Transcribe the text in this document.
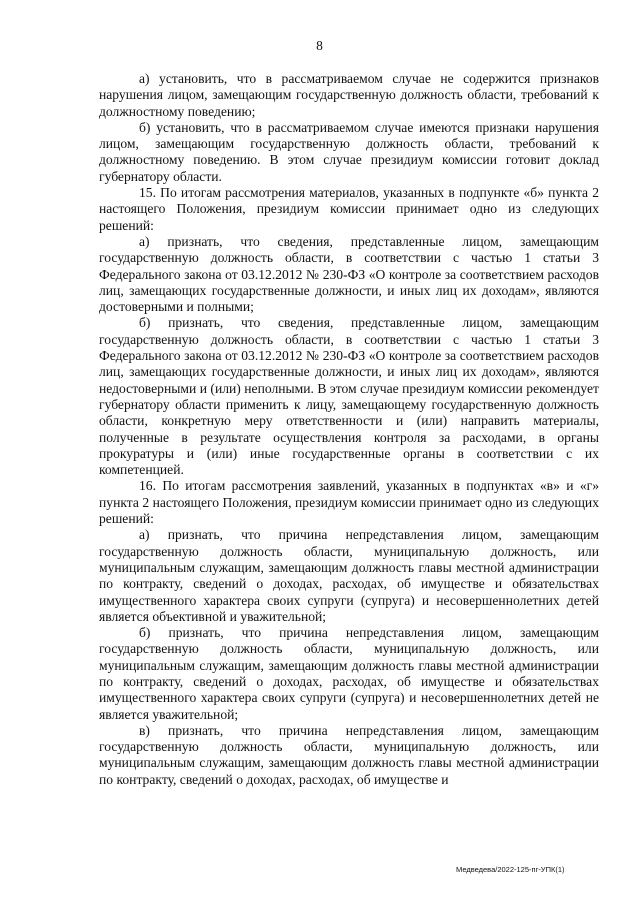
8

а) установить, что в рассматриваемом случае не содержится признаков нарушения лицом, замещающим государственную должность области, требований к должностному поведению;

б) установить, что в рассматриваемом случае имеются признаки нарушения лицом, замещающим государственную должность области, требований к должностному поведению. В этом случае президиум комиссии готовит доклад губернатору области.

15. По итогам рассмотрения материалов, указанных в подпункте «б» пункта 2 настоящего Положения, президиум комиссии принимает одно из следующих решений:

а) признать, что сведения, представленные лицом, замещающим государственную должность области, в соответствии с частью 1 статьи 3 Федерального закона от 03.12.2012 № 230-ФЗ «О контроле за соответствием расходов лиц, замещающих государственные должности, и иных лиц их доходам», являются достоверными и полными;

б) признать, что сведения, представленные лицом, замещающим государственную должность области, в соответствии с частью 1 статьи 3 Федерального закона от 03.12.2012 № 230-ФЗ «О контроле за соответствием расходов лиц, замещающих государственные должности, и иных лиц их доходам», являются недостоверными и (или) неполными. В этом случае президиум комиссии рекомендует губернатору области применить к лицу, замещающему государственную должность области, конкретную меру ответственности и (или) направить материалы, полученные в результате осуществления контроля за расходами, в органы прокуратуры и (или) иные государственные органы в соответствии с их компетенцией.

16. По итогам рассмотрения заявлений, указанных в подпунктах «в» и «г» пункта 2 настоящего Положения, президиум комиссии принимает одно из следующих решений:

а) признать, что причина непредставления лицом, замещающим государственную должность области, муниципальную должность, или муниципальным служащим, замещающим должность главы местной администрации по контракту, сведений о доходах, расходах, об имуществе и обязательствах имущественного характера своих супруги (супруга) и несовершеннолетних детей является объективной и уважительной;

б) признать, что причина непредставления лицом, замещающим государственную должность области, муниципальную должность, или муниципальным служащим, замещающим должность главы местной администрации по контракту, сведений о доходах, расходах, об имуществе и обязательствах имущественного характера своих супруги (супруга) и несовершеннолетних детей не является уважительной;

в) признать, что причина непредставления лицом, замещающим государственную должность области, муниципальную должность, или муниципальным служащим, замещающим должность главы местной администрации по контракту, сведений о доходах, расходах, об имуществе и

Медведева/2022-125-пг-УПК(1)
